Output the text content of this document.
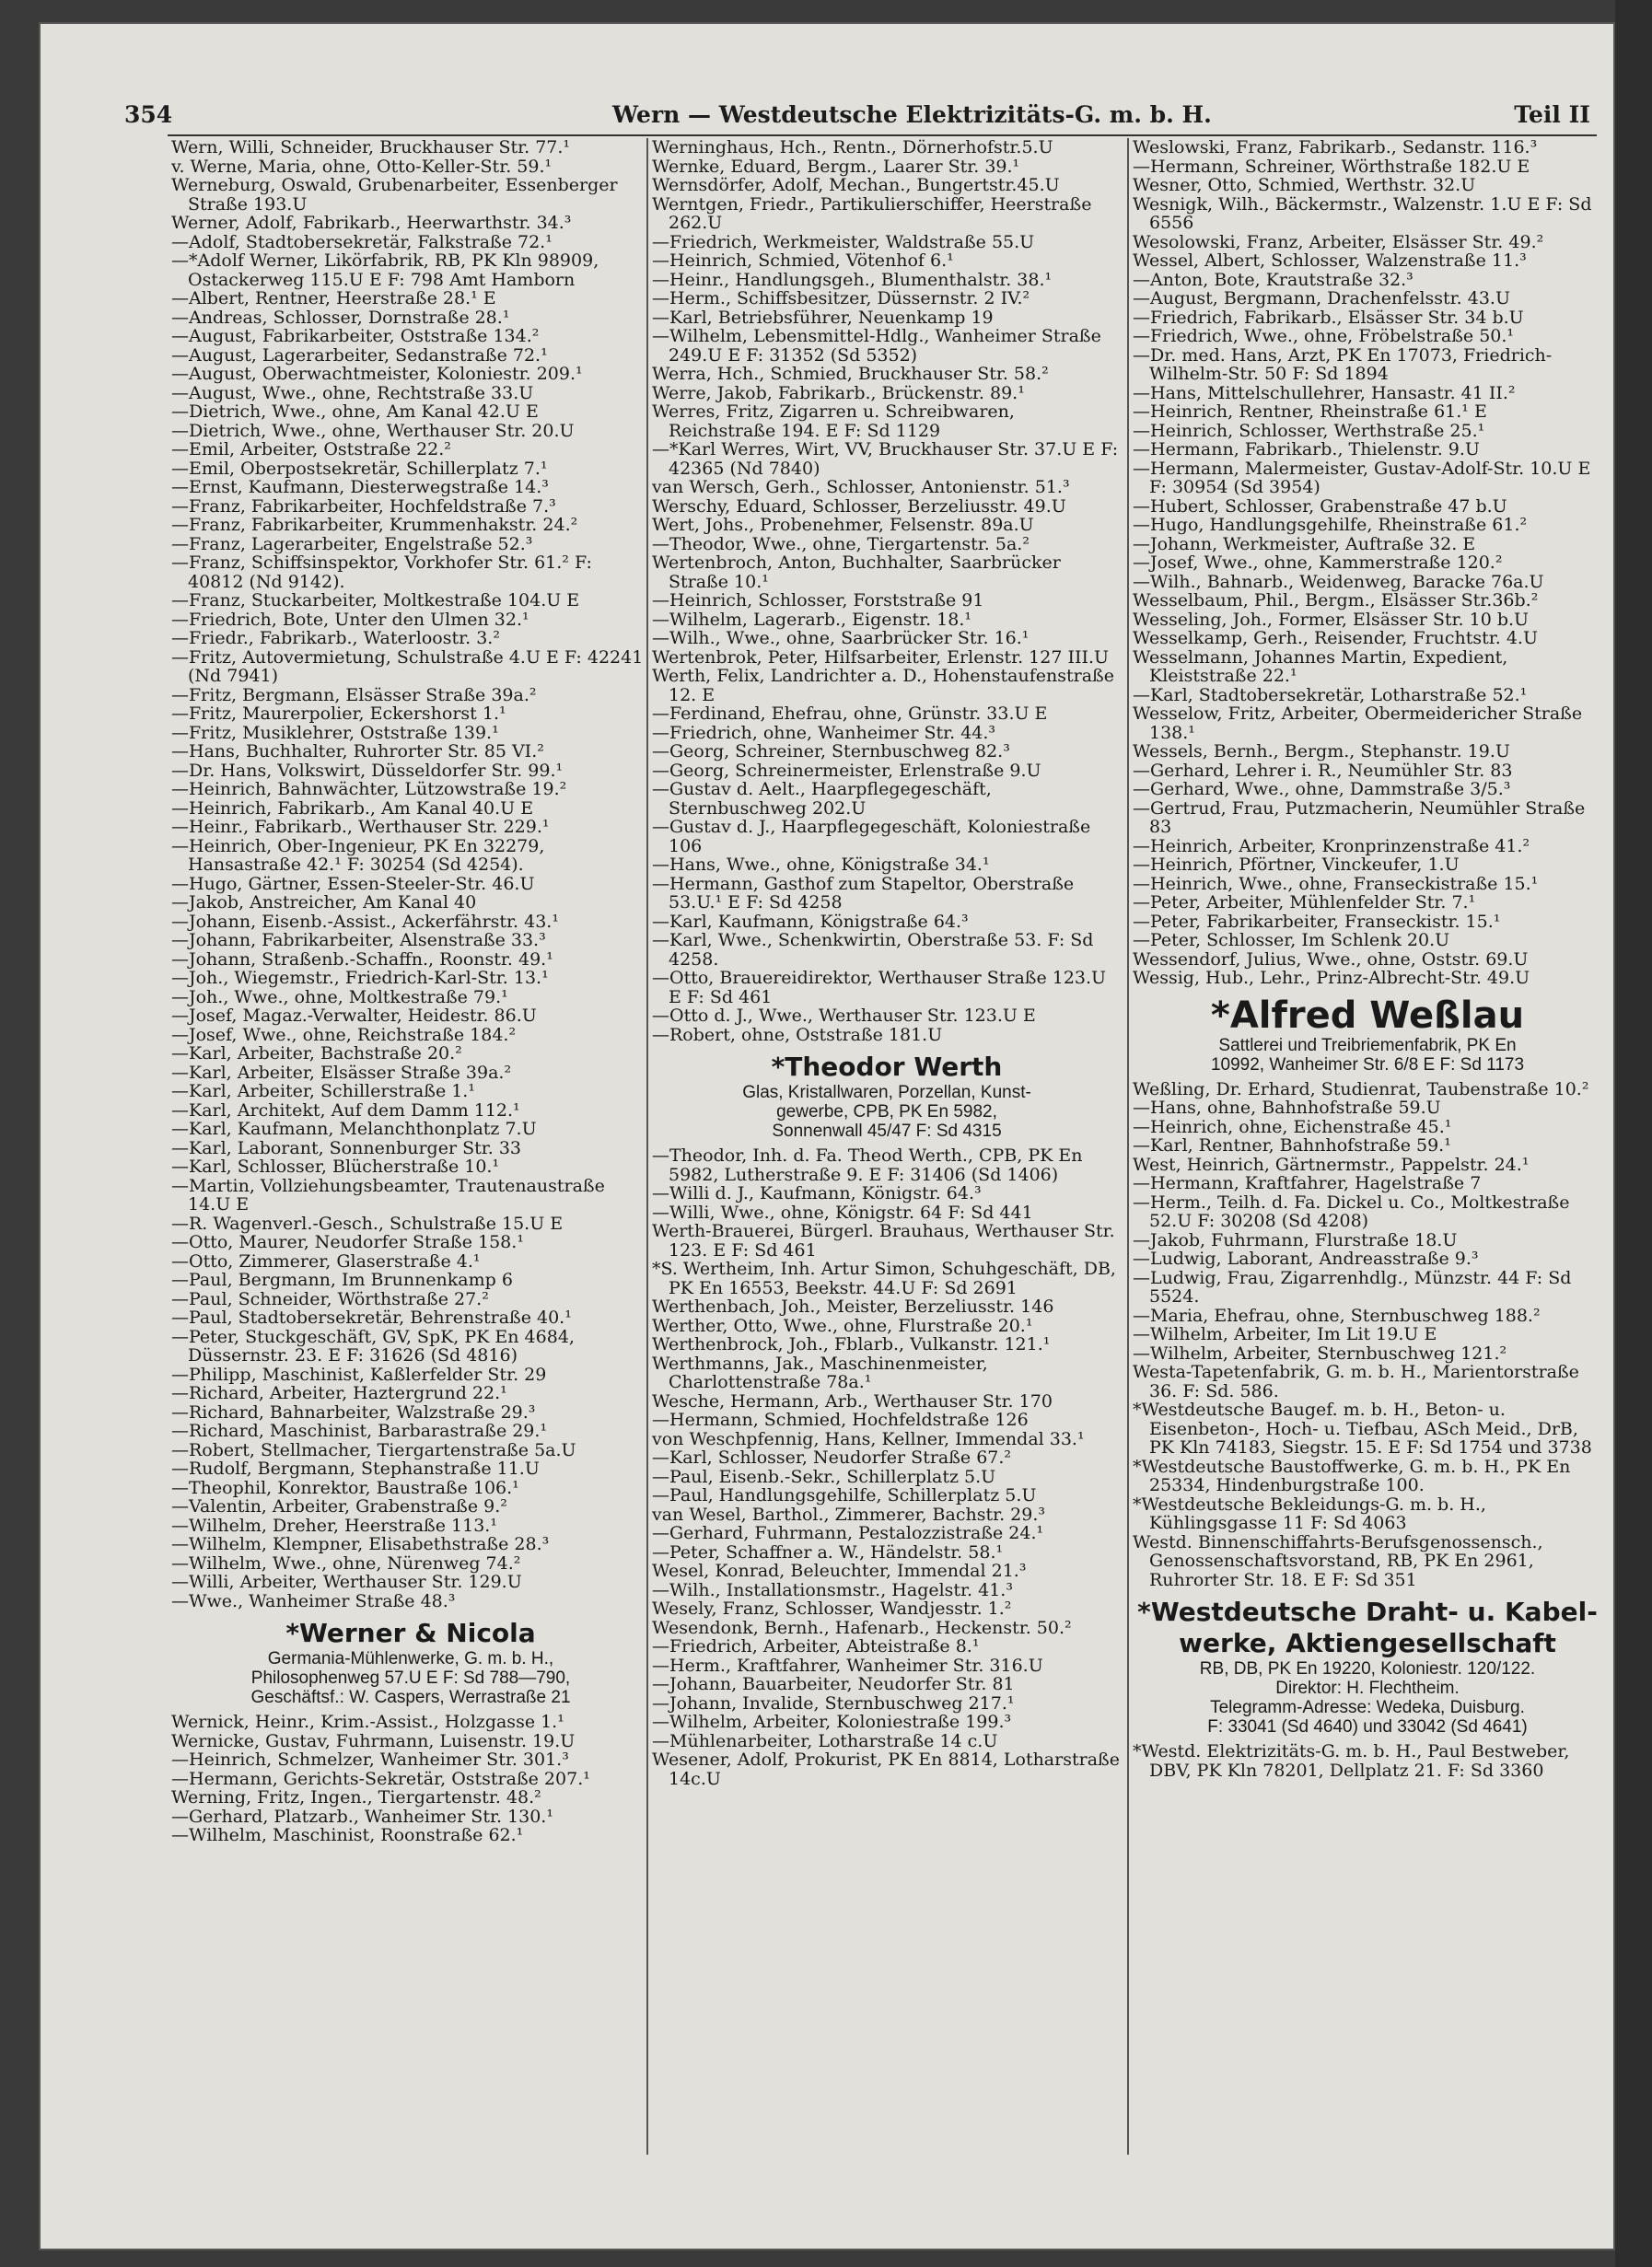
354	Wern — Westdeutsche Elektrizitäts-G. m. b. H.	Teil II

Wern, Willi, Schneider, Bruckhauser Str. 77.¹

v. Werne, Maria, ohne, Otto-Keller-Str. 59.¹

Werneburg, Oswald, Grubenarbeiter, Essenberger Straße 193.U

Werner, Adolf, Fabrikarb., Heerwarthstr. 34.³

—Adolf, Stadtobersekretär, Falkstraße 72.¹

—*Adolf Werner, Likörfabrik, RB, PK Kln 98909, Ostackerweg 115.U E F: 798 Amt Hamborn

—Albert, Rentner, Heerstraße 28.¹ E

—Andreas, Schlosser, Dornstraße 28.¹

—August, Fabrikarbeiter, Oststraße 134.²

—August, Lagerarbeiter, Sedanstraße 72.¹

—August, Oberwachtmeister, Koloniestr. 209.¹

—August, Wwe., ohne, Rechtstraße 33.U

—Dietrich, Wwe., ohne, Am Kanal 42.U E

—Dietrich, Wwe., ohne, Werthauser Str. 20.U

—Emil, Arbeiter, Oststraße 22.²

—Emil, Oberpostsekretär, Schillerplatz 7.¹

—Ernst, Kaufmann, Diesterwegstraße 14.³

—Franz, Fabrikarbeiter, Hochfeldstraße 7.³

—Franz, Fabrikarbeiter, Krummenhakstr. 24.²

—Franz, Lagerarbeiter, Engelstraße 52.³

—Franz, Schiffsinspektor, Vorkhofer Str. 61.² F: 40812 (Nd 9142).

—Franz, Stuckarbeiter, Moltkestraße 104.U E

—Friedrich, Bote, Unter den Ulmen 32.¹

—Friedr., Fabrikarb., Waterloostr. 3.²

—Fritz, Autovermietung, Schulstraße 4.U E F: 42241 (Nd 7941)

—Fritz, Bergmann, Elsässer Straße 39a.²

—Fritz, Maurerpolier, Eckershorst 1.¹

—Fritz, Musiklehrer, Oststraße 139.¹

—Hans, Buchhalter, Ruhrorter Str. 85 VI.²

—Dr. Hans, Volkswirt, Düsseldorfer Str. 99.¹

—Heinrich, Bahnwächter, Lützowstraße 19.²

—Heinrich, Fabrikarb., Am Kanal 40.U E

—Heinr., Fabrikarb., Werthauser Str. 229.¹

—Heinrich, Ober-Ingenieur, PK En 32279, Hansastraße 42.¹ F: 30254 (Sd 4254).

—Hugo, Gärtner, Essen-Steeler-Str. 46.U

—Jakob, Anstreicher, Am Kanal 40

—Johann, Eisenb.-Assist., Ackerfährstr. 43.¹

—Johann, Fabrikarbeiter, Alsenstraße 33.³

—Johann, Straßenb.-Schaffn., Roonstr. 49.¹

—Joh., Wiegemstr., Friedrich-Karl-Str. 13.¹

—Joh., Wwe., ohne, Moltkestraße 79.¹

—Josef, Magaz.-Verwalter, Heidestr. 86.U

—Josef, Wwe., ohne, Reichstraße 184.²

—Karl, Arbeiter, Bachstraße 20.²

—Karl, Arbeiter, Elsässer Straße 39a.²

—Karl, Arbeiter, Schillerstraße 1.¹

—Karl, Architekt, Auf dem Damm 112.¹

—Karl, Kaufmann, Melanchthonplatz 7.U

—Karl, Laborant, Sonnenburger Str. 33

—Karl, Schlosser, Blücherstraße 10.¹

—Martin, Vollziehungsbeamter, Trautenaustraße 14.U E

—R. Wagenverl.-Gesch., Schulstraße 15.U E

—Otto, Maurer, Neudorfer Straße 158.¹

—Otto, Zimmerer, Glaserstraße 4.¹

—Paul, Bergmann, Im Brunnenkamp 6

—Paul, Schneider, Wörthstraße 27.²

—Paul, Stadtobersekretär, Behrenstraße 40.¹

—Peter, Stuckgeschäft, GV, SpK, PK En 4684, Düssernstr. 23. E F: 31626 (Sd 4816)

—Philipp, Maschinist, Kaßlerfelder Str. 29

—Richard, Arbeiter, Haztergrund 22.¹

—Richard, Bahnarbeiter, Walzstraße 29.³

—Richard, Maschinist, Barbarastraße 29.¹

—Robert, Stellmacher, Tiergartenstraße 5a.U

—Rudolf, Bergmann, Stephanstraße 11.U

—Theophil, Konrektor, Baustraße 106.¹

—Valentin, Arbeiter, Grabenstraße 9.²

—Wilhelm, Dreher, Heerstraße 113.¹

—Wilhelm, Klempner, Elisabethstraße 28.³

—Wilhelm, Wwe., ohne, Nürenweg 74.²

—Willi, Arbeiter, Werthauser Str. 129.U

—Wwe., Wanheimer Straße 48.³

*Werner & Nicola
Germania-Mühlenwerke, G. m. b. H.,
Philosophenweg 57.U E F: Sd 788—790,
Geschäftsf.: W. Caspers, Werrastraße 21

Wernick, Heinr., Krim.-Assist., Holzgasse 1.¹

Wernicke, Gustav, Fuhrmann, Luisenstr. 19.U

—Heinrich, Schmelzer, Wanheimer Str. 301.³

—Hermann, Gerichts-Sekretär, Oststraße 207.¹

Werning, Fritz, Ingen., Tiergartenstr. 48.²

—Gerhard, Platzarb., Wanheimer Str. 130.¹

—Wilhelm, Maschinist, Roonstraße 62.¹

Werninghaus, Hch., Rentn., Dörnerhofstr.5.U

Wernke, Eduard, Bergm., Laarer Str. 39.¹

Wernsdörfer, Adolf, Mechan., Bungertstr.45.U

Werntgen, Friedr., Partikulierschiffer, Heerstraße 262.U

—Friedrich, Werkmeister, Waldstraße 55.U

—Heinrich, Schmied, Vötenhof 6.¹

—Heinr., Handlungsgeh., Blumenthalstr. 38.¹

—Herm., Schiffsbesitzer, Düssernstr. 2 IV.²

—Karl, Betriebsführer, Neuenkamp 19

—Wilhelm, Lebensmittel-Hdlg., Wanheimer Straße 249.U E F: 31352 (Sd 5352)

Werra, Hch., Schmied, Bruckhauser Str. 58.²

Werre, Jakob, Fabrikarb., Brückenstr. 89.¹

Werres, Fritz, Zigarren u. Schreibwaren, Reichstraße 194. E F: Sd 1129

—*Karl Werres, Wirt, VV, Bruckhauser Str. 37.U E F: 42365 (Nd 7840)

van Wersch, Gerh., Schlosser, Antonienstr. 51.³

Werschy, Eduard, Schlosser, Berzeliusstr. 49.U

Wert, Johs., Probenehmer, Felsenstr. 89a.U

—Theodor, Wwe., ohne, Tiergartenstr. 5a.²

Wertenbroch, Anton, Buchhalter, Saarbrücker Straße 10.¹

—Heinrich, Schlosser, Forststraße 91

—Wilhelm, Lagerarb., Eigenstr. 18.¹

—Wilh., Wwe., ohne, Saarbrücker Str. 16.¹

Wertenbrok, Peter, Hilfsarbeiter, Erlenstr. 127 III.U

Werth, Felix, Landrichter a. D., Hohenstaufenstraße 12. E

—Ferdinand, Ehefrau, ohne, Grünstr. 33.U E

—Friedrich, ohne, Wanheimer Str. 44.³

—Georg, Schreiner, Sternbuschweg 82.³

—Georg, Schreinermeister, Erlenstraße 9.U

—Gustav d. Aelt., Haarpflegegeschäft, Sternbuschweg 202.U

—Gustav d. J., Haarpflegegeschäft, Koloniestraße 106

—Hans, Wwe., ohne, Königstraße 34.¹

—Hermann, Gasthof zum Stapeltor, Oberstraße 53.U.¹ E F: Sd 4258

—Karl, Kaufmann, Königstraße 64.³

—Karl, Wwe., Schenkwirtin, Oberstraße 53. F: Sd 4258.

—Otto, Brauereidirektor, Werthauser Straße 123.U E F: Sd 461

—Otto d. J., Wwe., Werthauser Str. 123.U E

—Robert, ohne, Oststraße 181.U

*Theodor Werth
Glas, Kristallwaren, Porzellan, Kunst-
gewerbe, CPB, PK En 5982,
Sonnenwall 45/47 F: Sd 4315

—Theodor, Inh. d. Fa. Theod Werth., CPB, PK En 5982, Lutherstraße 9. E F: 31406 (Sd 1406)

—Willi d. J., Kaufmann, Königstr. 64.³

—Willi, Wwe., ohne, Königstr. 64 F: Sd 441

Werth-Brauerei, Bürgerl. Brauhaus, Werthauser Str. 123. E F: Sd 461

*S. Wertheim, Inh. Artur Simon, Schuhgeschäft, DB, PK En 16553, Beekstr. 44.U F: Sd 2691

Werthenbach, Joh., Meister, Berzeliusstr. 146

Werther, Otto, Wwe., ohne, Flurstraße 20.¹

Werthenbrock, Joh., Fblarb., Vulkanstr. 121.¹

Werthmanns, Jak., Maschinenmeister, Charlottenstraße 78a.¹

Wesche, Hermann, Arb., Werthauser Str. 170

—Hermann, Schmied, Hochfeldstraße 126

von Weschpfennig, Hans, Kellner, Immendal 33.¹

—Karl, Schlosser, Neudorfer Straße 67.²

—Paul, Eisenb.-Sekr., Schillerplatz 5.U

—Paul, Handlungsgehilfe, Schillerplatz 5.U

van Wesel, Barthol., Zimmerer, Bachstr. 29.³

—Gerhard, Fuhrmann, Pestalozzistraße 24.¹

—Peter, Schaffner a. W., Händelstr. 58.¹

Wesel, Konrad, Beleuchter, Immendal 21.³

—Wilh., Installationsmstr., Hagelstr. 41.³

Wesely, Franz, Schlosser, Wandjesstr. 1.²

Wesendonk, Bernh., Hafenarb., Heckenstr. 50.²

—Friedrich, Arbeiter, Abteistraße 8.¹

—Herm., Kraftfahrer, Wanheimer Str. 316.U

—Johann, Bauarbeiter, Neudorfer Str. 81

—Johann, Invalide, Sternbuschweg 217.¹

—Wilhelm, Arbeiter, Koloniestraße 199.³

—Mühlenarbeiter, Lotharstraße 14 c.U

Wesener, Adolf, Prokurist, PK En 8814, Lotharstraße 14c.U

Weslowski, Franz, Fabrikarb., Sedanstr. 116.³

—Hermann, Schreiner, Wörthstraße 182.U E

Wesner, Otto, Schmied, Werthstr. 32.U

Wesnigk, Wilh., Bäckermstr., Walzenstr. 1.U E F: Sd 6556

Wesolowski, Franz, Arbeiter, Elsässer Str. 49.²

Wessel, Albert, Schlosser, Walzenstraße 11.³

—Anton, Bote, Krautstraße 32.³

—August, Bergmann, Drachenfelsstr. 43.U

—Friedrich, Fabrikarb., Elsässer Str. 34 b.U

—Friedrich, Wwe., ohne, Fröbelstraße 50.¹

—Dr. med. Hans, Arzt, PK En 17073, Friedrich-Wilhelm-Str. 50 F: Sd 1894

—Hans, Mittelschullehrer, Hansastr. 41 II.²

—Heinrich, Rentner, Rheinstraße 61.¹ E

—Heinrich, Schlosser, Werthstraße 25.¹

—Hermann, Fabrikarb., Thielenstr. 9.U

—Hermann, Malermeister, Gustav-Adolf-Str. 10.U E F: 30954 (Sd 3954)

—Hubert, Schlosser, Grabenstraße 47 b.U

—Hugo, Handlungsgehilfe, Rheinstraße 61.²

—Johann, Werkmeister, Auftraße 32. E

—Josef, Wwe., ohne, Kammerstraße 120.²

—Wilh., Bahnarb., Weidenweg, Baracke 76a.U

Wesselbaum, Phil., Bergm., Elsässer Str.36b.²

Wesseling, Joh., Former, Elsässer Str. 10 b.U

Wesselkamp, Gerh., Reisender, Fruchtstr. 4.U

Wesselmann, Johannes Martin, Expedient, Kleiststraße 22.¹

—Karl, Stadtobersekretär, Lotharstraße 52.¹

Wesselow, Fritz, Arbeiter, Obermeidericher Straße 138.¹

Wessels, Bernh., Bergm., Stephanstr. 19.U

—Gerhard, Lehrer i. R., Neumühler Str. 83

—Gerhard, Wwe., ohne, Dammstraße 3/5.³

—Gertrud, Frau, Putzmacherin, Neumühler Straße 83

—Heinrich, Arbeiter, Kronprinzenstraße 41.²

—Heinrich, Pförtner, Vinckeufer, 1.U

—Heinrich, Wwe., ohne, Franseckistraße 15.¹

—Peter, Arbeiter, Mühlenfelder Str. 7.¹

—Peter, Fabrikarbeiter, Franseckistr. 15.¹

—Peter, Schlosser, Im Schlenk 20.U

Wessendorf, Julius, Wwe., ohne, Oststr. 69.U

Wessig, Hub., Lehr., Prinz-Albrecht-Str. 49.U

*Alfred Weßlau
Sattlerei und Treibriemenfabrik, PK En
10992, Wanheimer Str. 6/8 E F: Sd 1173

Weßling, Dr. Erhard, Studienrat, Taubenstraße 10.²

—Hans, ohne, Bahnhofstraße 59.U

—Heinrich, ohne, Eichenstraße 45.¹

—Karl, Rentner, Bahnhofstraße 59.¹

West, Heinrich, Gärtnermstr., Pappelstr. 24.¹

—Hermann, Kraftfahrer, Hagelstraße 7

—Herm., Teilh. d. Fa. Dickel u. Co., Moltkestraße 52.U F: 30208 (Sd 4208)

—Jakob, Fuhrmann, Flurstraße 18.U

—Ludwig, Laborant, Andreasstraße 9.³

—Ludwig, Frau, Zigarrenhdlg., Münzstr. 44 F: Sd 5524.

—Maria, Ehefrau, ohne, Sternbuschweg 188.²

—Wilhelm, Arbeiter, Im Lit 19.U E

—Wilhelm, Arbeiter, Sternbuschweg 121.²

Westa-Tapetenfabrik, G. m. b. H., Marientorstraße 36. F: Sd. 586.

*Westdeutsche Baugef. m. b. H., Beton- u. Eisenbeton-, Hoch- u. Tiefbau, ASch Meid., DrB, PK Kln 74183, Siegstr. 15. E F: Sd 1754 und 3738

*Westdeutsche Baustoffwerke, G. m. b. H., PK En 25334, Hindenburgstraße 100.

*Westdeutsche Bekleidungs-G. m. b. H., Kühlingsgasse 11 F: Sd 4063

Westd. Binnenschiffahrts-Berufsgenossensch., Genossenschaftsvorstand, RB, PK En 2961, Ruhrorter Str. 18. E F: Sd 351

*Westdeutsche Draht- u. Kabel-
werke, Aktiengesellschaft
RB, DB, PK En 19220, Koloniestr. 120/122.
Direktor: H. Flechtheim.
Telegramm-Adresse: Wedeka, Duisburg.
F: 33041 (Sd 4640) und 33042 (Sd 4641)

*Westd. Elektrizitäts-G. m. b. H., Paul Bestweber, DBV, PK Kln 78201, Dellplatz 21. F: Sd 3360
